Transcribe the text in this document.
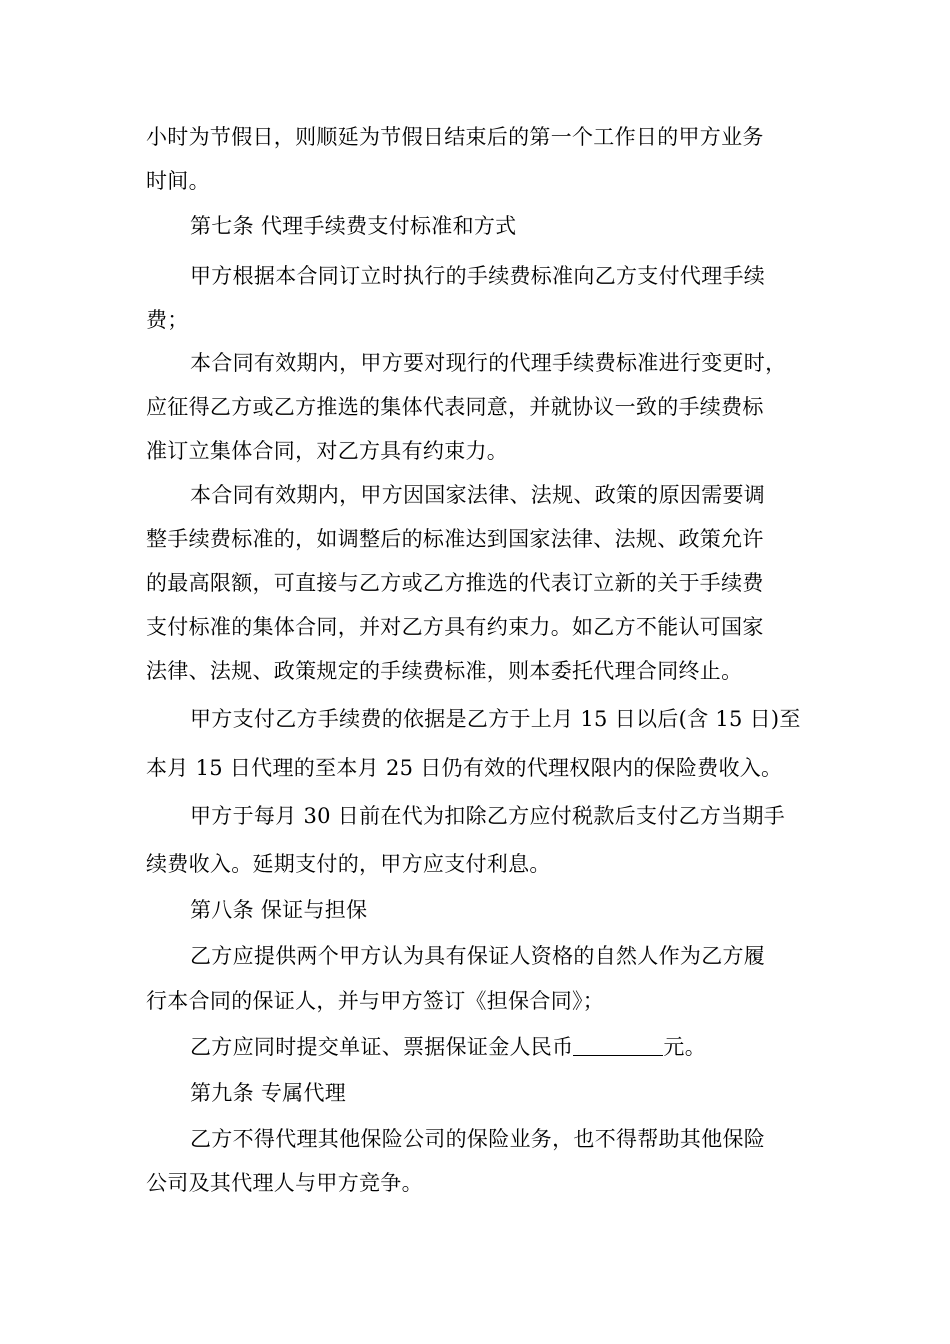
小时为节假日，则顺延为节假日结束后的第一个工作日的甲方业务
时间。
第七条 代理手续费支付标准和方式
甲方根据本合同订立时执行的手续费标准向乙方支付代理手续
费；
本合同有效期内，甲方要对现行的代理手续费标准进行变更时，
应征得乙方或乙方推选的集体代表同意，并就协议一致的手续费标
准订立集体合同，对乙方具有约束力。
本合同有效期内，甲方因国家法律、法规、政策的原因需要调
整手续费标准的，如调整后的标准达到国家法律、法规、政策允许
的最高限额，可直接与乙方或乙方推选的代表订立新的关于手续费
支付标准的集体合同，并对乙方具有约束力。如乙方不能认可国家
法律、法规、政策规定的手续费标准，则本委托代理合同终止。
甲方支付乙方手续费的依据是乙方于上月 15 日以后(含 15 日)至
本月 15 日代理的至本月 25 日仍有效的代理权限内的保险费收入。
甲方于每月 30 日前在代为扣除乙方应付税款后支付乙方当期手
续费收入。延期支付的，甲方应支付利息。
第八条 保证与担保
乙方应提供两个甲方认为具有保证人资格的自然人作为乙方履
行本合同的保证人，并与甲方签订《担保合同》；
乙方应同时提交单证、票据保证金人民币	元。
第九条 专属代理
乙方不得代理其他保险公司的保险业务，也不得帮助其他保险
公司及其代理人与甲方竞争。
